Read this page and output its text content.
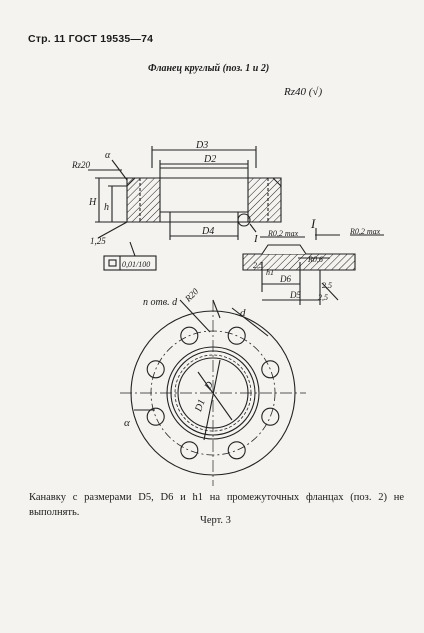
Стр. 11 ГОСТ 19535—74
Фланец круглый (поз. 1 и 2)
Rz40 (√)
D3
D2
D4
H h
α
Rz20
1,25	I
0,01/100
I
R0,2 max	R0,2 max
R0,6
2,5
h1
D6
D5
2,5
2,5
n отв. d R20
d
D
D1
α
Канавку с размерами D5, D6 и h1 на промежуточных фланцах (поз. 2) не выполнять.
Черт. 3
